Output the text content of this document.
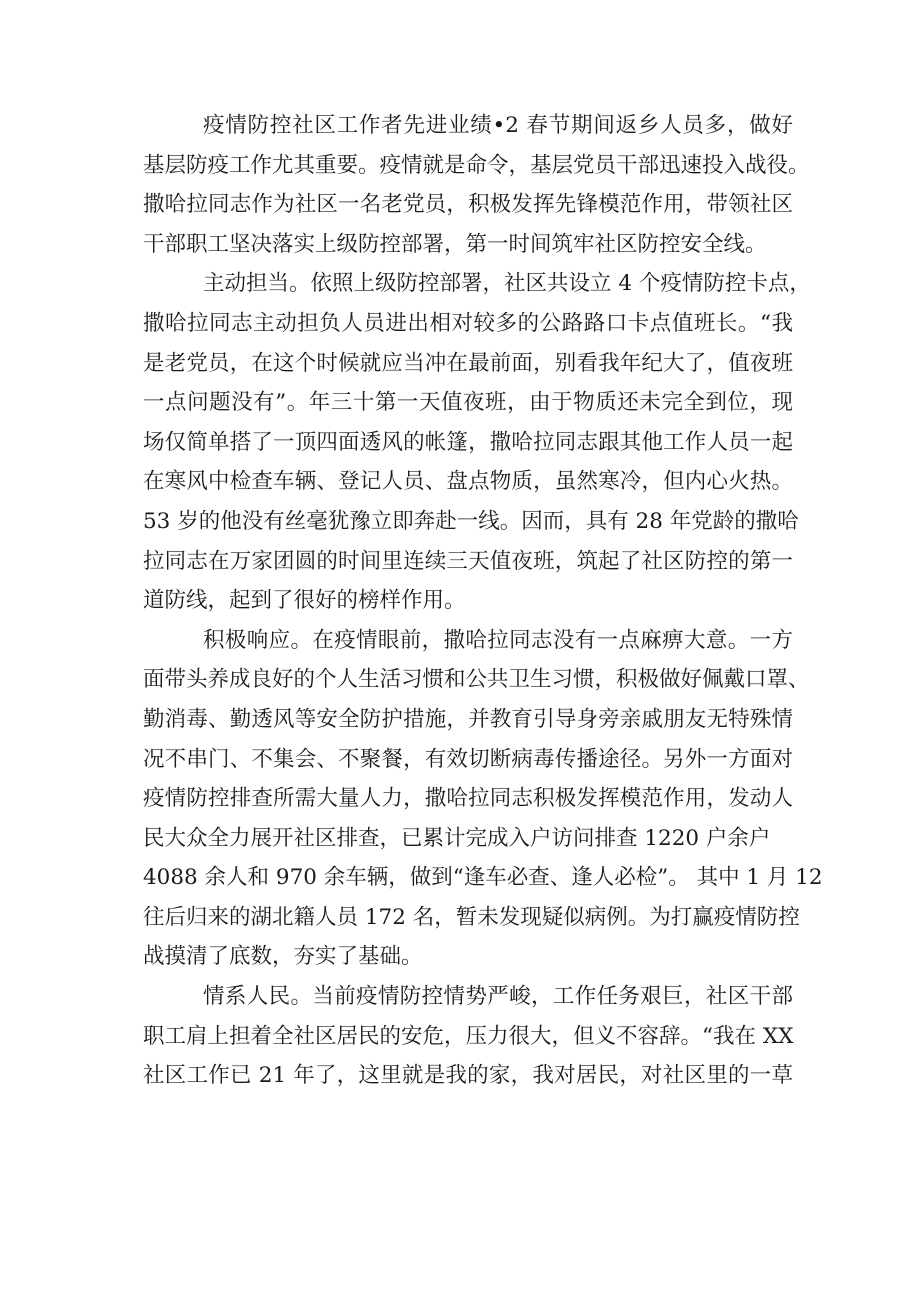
疫情防控社区工作者先进业绩•2 春节期间返乡人员多，做好
基层防疫工作尤其重要。疫情就是命令，基层党员干部迅速投入战役。
撒哈拉同志作为社区一名老党员，积极发挥先锋模范作用，带领社区
干部职工坚决落实上级防控部署，第一时间筑牢社区防控安全线。
主动担当。依照上级防控部署，社区共设立 4 个疫情防控卡点，
撒哈拉同志主动担负人员进出相对较多的公路路口卡点值班长。“我
是老党员，在这个时候就应当冲在最前面，别看我年纪大了，值夜班
一点问题没有”。年三十第一天值夜班，由于物质还未完全到位，现
场仅简单搭了一顶四面透风的帐篷，撒哈拉同志跟其他工作人员一起
在寒风中检查车辆、登记人员、盘点物质，虽然寒冷，但内心火热。
53 岁的他没有丝毫犹豫立即奔赴一线。因而，具有 28 年党龄的撒哈
拉同志在万家团圆的时间里连续三天值夜班，筑起了社区防控的第一
道防线，起到了很好的榜样作用。
积极响应。在疫情眼前，撒哈拉同志没有一点麻痹大意。一方
面带头养成良好的个人生活习惯和公共卫生习惯，积极做好佩戴口罩、
勤消毒、勤透风等安全防护措施，并教育引导身旁亲戚朋友无特殊情
况不串门、不集会、不聚餐，有效切断病毒传播途径。另外一方面对
疫情防控排查所需大量人力，撒哈拉同志积极发挥模范作用，发动人
民大众全力展开社区排查，已累计完成入户访问排查 1220 户余户
4088 余人和 970 余车辆，做到“逢车必查、逢人必检”。 其中 1 月 12
往后归来的湖北籍人员 172 名，暂未发现疑似病例。为打赢疫情防控
战摸清了底数，夯实了基础。
情系人民。当前疫情防控情势严峻，工作任务艰巨，社区干部
职工肩上担着全社区居民的安危，压力很大，但义不容辞。“我在 XX
社区工作已 21 年了，这里就是我的家，我对居民，对社区里的一草
